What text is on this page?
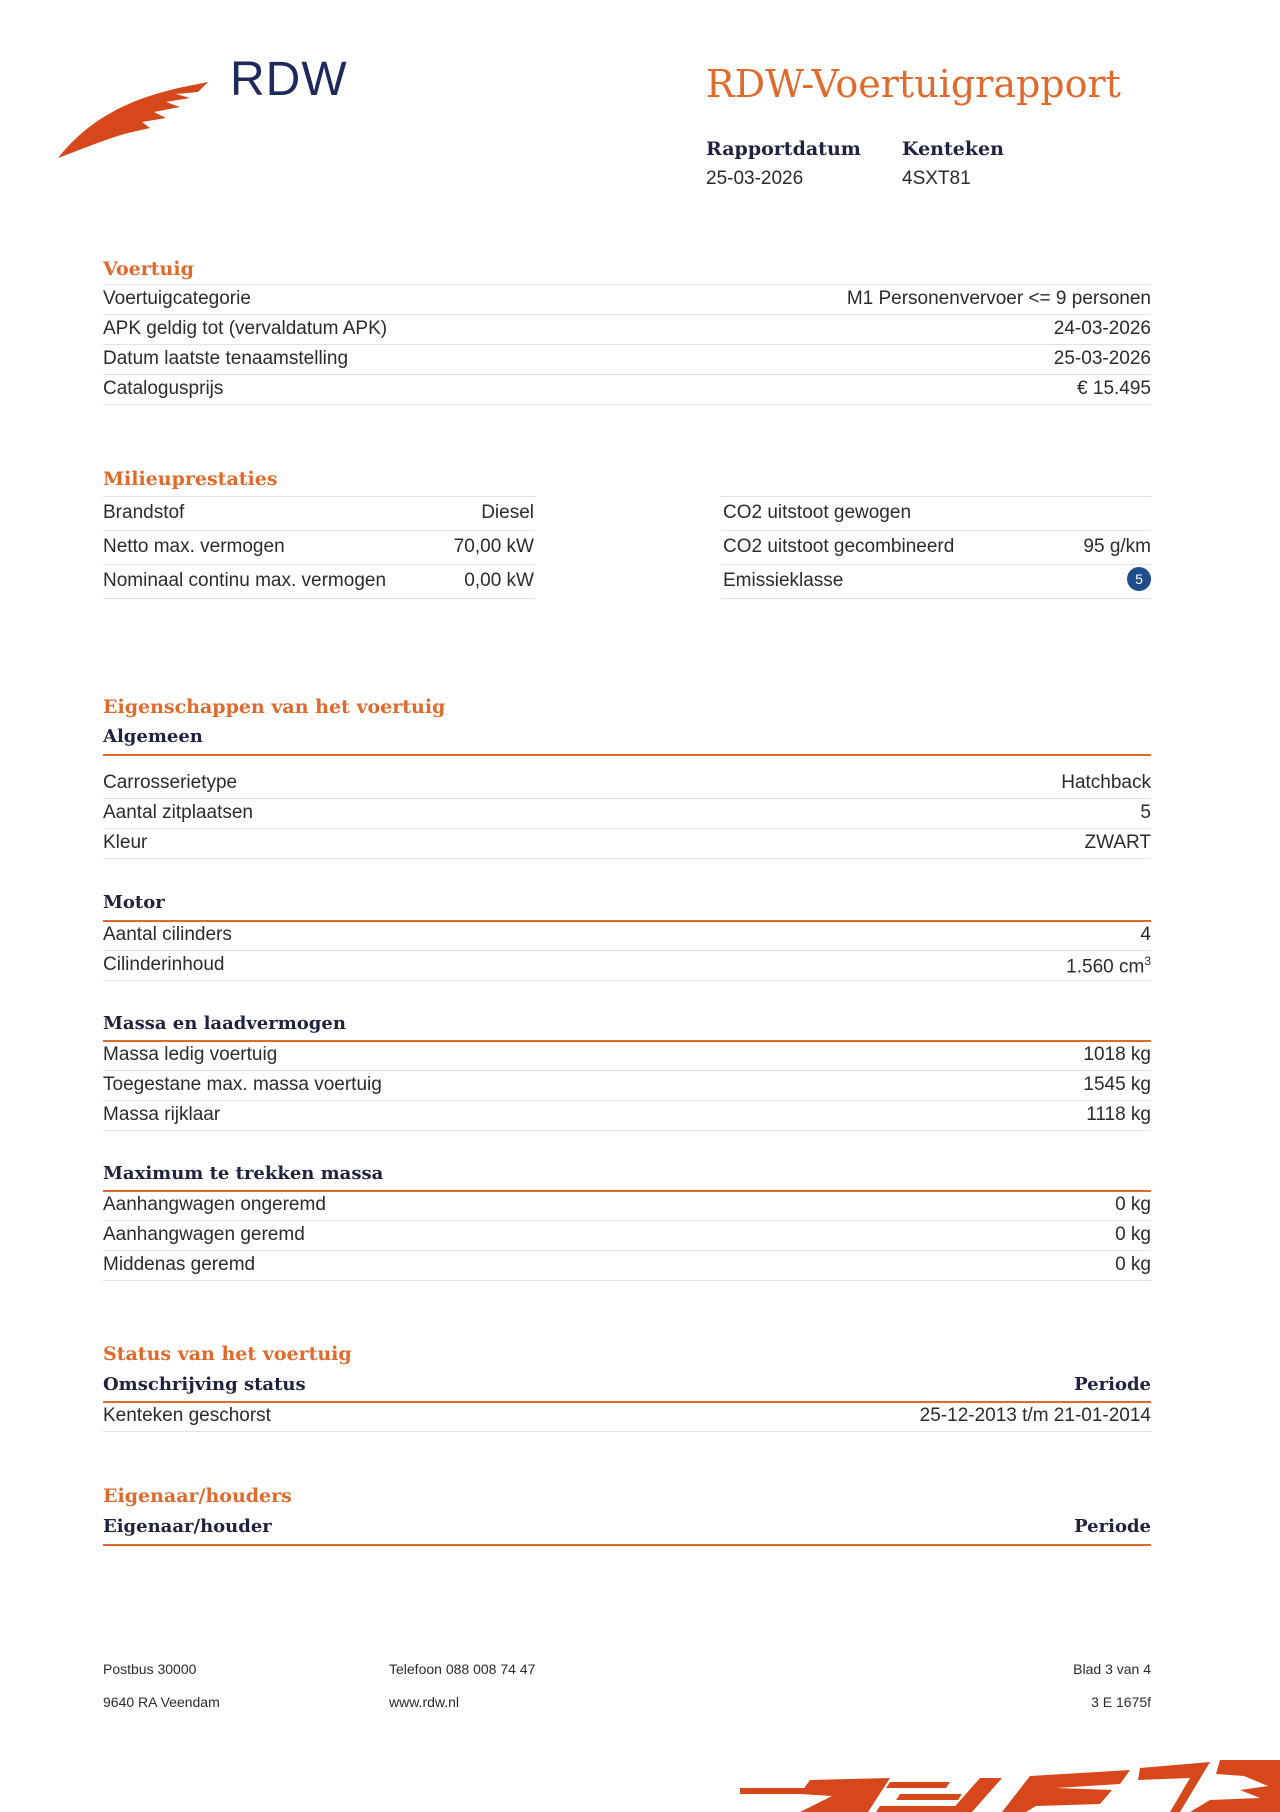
RDW	RDW-Voertuigrapport
Rapportdatum
25-03-2026
Kenteken
4SXT81
Voertuig
Voertuigcategorie	M1 Personenvervoer <= 9 personen
APK geldig tot (vervaldatum APK)	24-03-2026
Datum laatste tenaamstelling	25-03-2026
Catalogusprijs	€ 15.495
Milieuprestaties
Brandstof	Diesel	CO2 uitstoot gewogen
Netto max. vermogen	70,00 kW	CO2 uitstoot gecombineerd	95 g/km
Nominaal continu max. vermogen	0,00 kW	Emissieklasse	5
Eigenschappen van het voertuig
Algemeen
Carrosserietype	Hatchback
Aantal zitplaatsen	5
Kleur	ZWART
Motor
Aantal cilinders	4
Cilinderinhoud	1.560 $cm^3$
Massa en laadvermogen
Massa ledig voertuig	1018 kg
Toegestane max. massa voertuig	1545 kg
Massa rijklaar	1118 kg
Maximum te trekken massa
Aanhangwagen ongeremd	0 kg
Aanhangwagen geremd	0 kg
Middenas geremd	0 kg
Status van het voertuig
Omschrijving status	Periode
Kenteken geschorst	25-12-2013 t/m 21-01-2014
Eigenaar/houders
Eigenaar/houder	Periode
Postbus 30000
9640 RA Veendam
Telefoon 088 008 74 47
www.rdw.nl
Blad 3 van 4
3 E 1675f
